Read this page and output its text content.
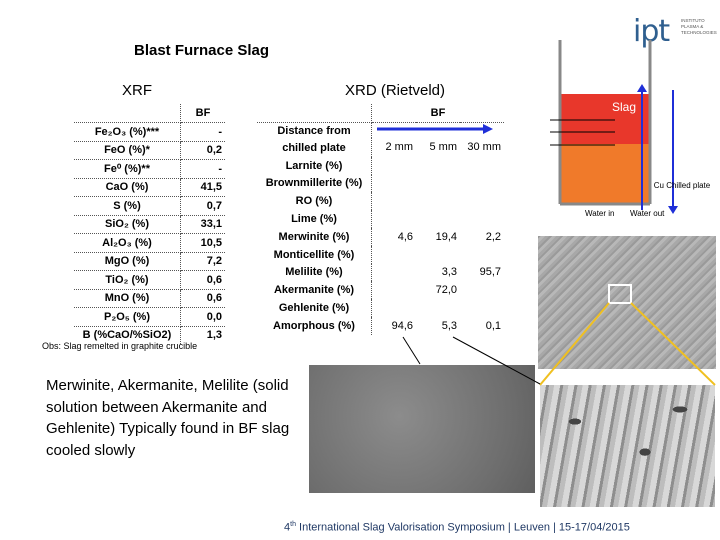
ipt	INSTITUTO
PLASMA &
TECHNOLOGIES
Blast Furnace Slag
XRF	XRD (Rietveld)
	BF
Fe₂O₃ (%)***	-
FeO (%)*	0,2
Fe⁰ (%)**	-
CaO (%)	41,5
S (%)	0,7
SiO₂ (%)	33,1
Al₂O₃ (%)	10,5
MgO (%)	7,2
TiO₂ (%)	0,6
MnO (%)	0,6
P₂O₅ (%)	0,0
B (%CaO/%SiO2)	1,3
	BF		
Distance from chilled plate	
	2 mm	5 mm	30 mm
Larnite (%)			
Brownmillerite (%)			
RO (%)			
Lime (%)			
Merwinite (%)	4,6	19,4	2,2
Monticellite (%)			
Melilite (%)		3,3	95,7
Akermanite (%)		72,0	
Gehlenite (%)			
Amorphous (%)	94,6	5,3	0,1
Obs: Slag remelted in graphite crucible
Merwinite, Akermanite, Melilite (solid solution between Akermanite and Gehlenite) Typically found in BF slag cooled slowly
Slag
Cu Chilled plate
Water in Water out
4th International Slag Valorisation Symposium | Leuven | 15-17/04/2015
